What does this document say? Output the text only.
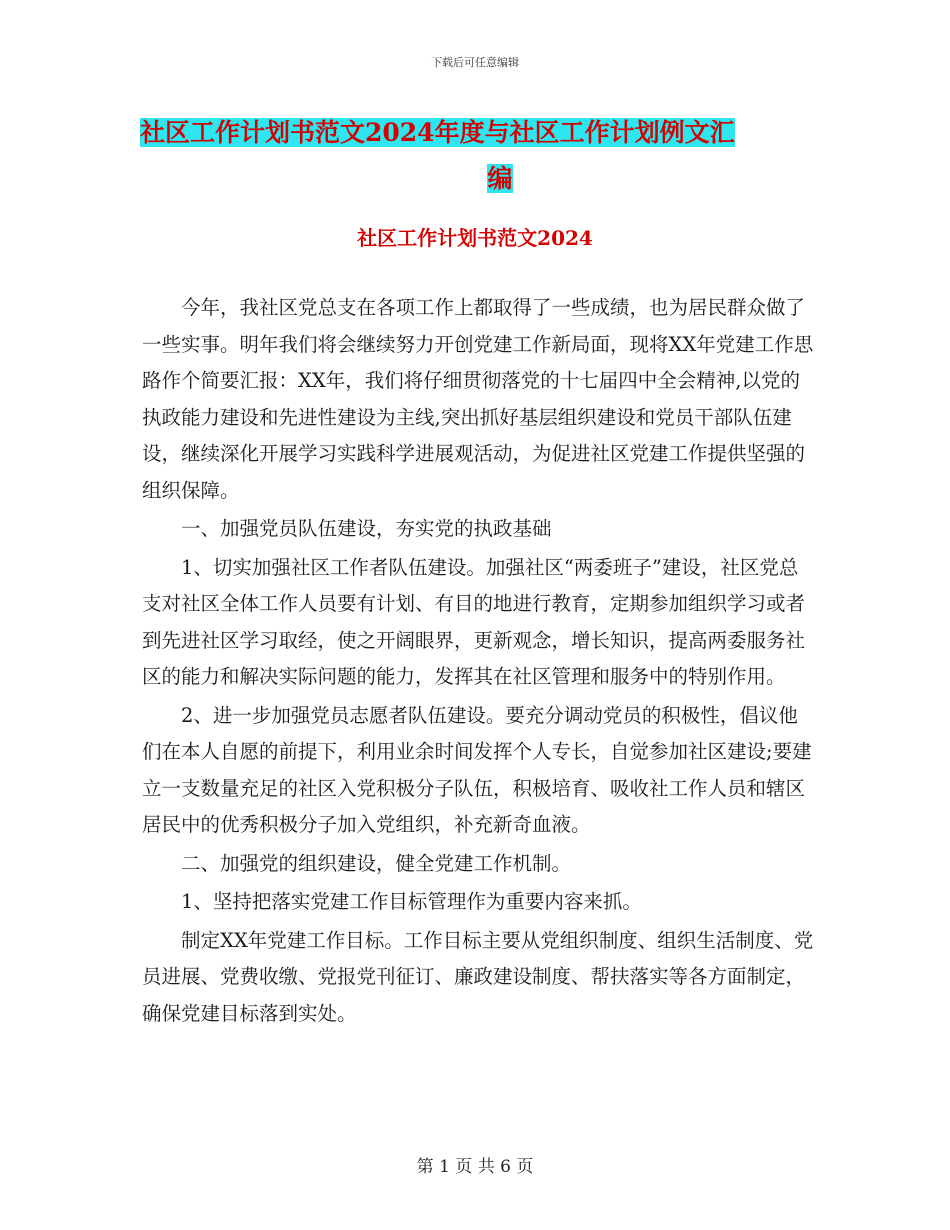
下载后可任意编辑
社区工作计划书范文2024年度与社区工作计划例文汇
编
社区工作计划书范文2024

今年，我社区党总支在各项工作上都取得了一些成绩，也为居民群众做了一些实事。明年我们将会继续努力开创党建工作新局面，现将XX年党建工作思路作个简要汇报：XX年，我们将仔细贯彻落党的十七届四中全会精神,以党的执政能力建设和先进性建设为主线,突出抓好基层组织建设和党员干部队伍建设，继续深化开展学习实践科学进展观活动，为促进社区党建工作提供坚强的组织保障。

一、加强党员队伍建设，夯实党的执政基础

1、切实加强社区工作者队伍建设。加强社区“两委班子”建设，社区党总支对社区全体工作人员要有计划、有目的地进行教育，定期参加组织学习或者到先进社区学习取经，使之开阔眼界，更新观念，增长知识，提高两委服务社区的能力和解决实际问题的能力，发挥其在社区管理和服务中的特别作用。

2、进一步加强党员志愿者队伍建设。要充分调动党员的积极性，倡议他们在本人自愿的前提下，利用业余时间发挥个人专长，自觉参加社区建设;要建立一支数量充足的社区入党积极分子队伍，积极培育、吸收社工作人员和辖区居民中的优秀积极分子加入党组织，补充新奇血液。

二、加强党的组织建设，健全党建工作机制。

1、坚持把落实党建工作目标管理作为重要内容来抓。

制定XX年党建工作目标。工作目标主要从党组织制度、组织生活制度、党员进展、党费收缴、党报党刊征订、廉政建设制度、帮扶落实等各方面制定，确保党建目标落到实处。

第 1 页 共 6 页
